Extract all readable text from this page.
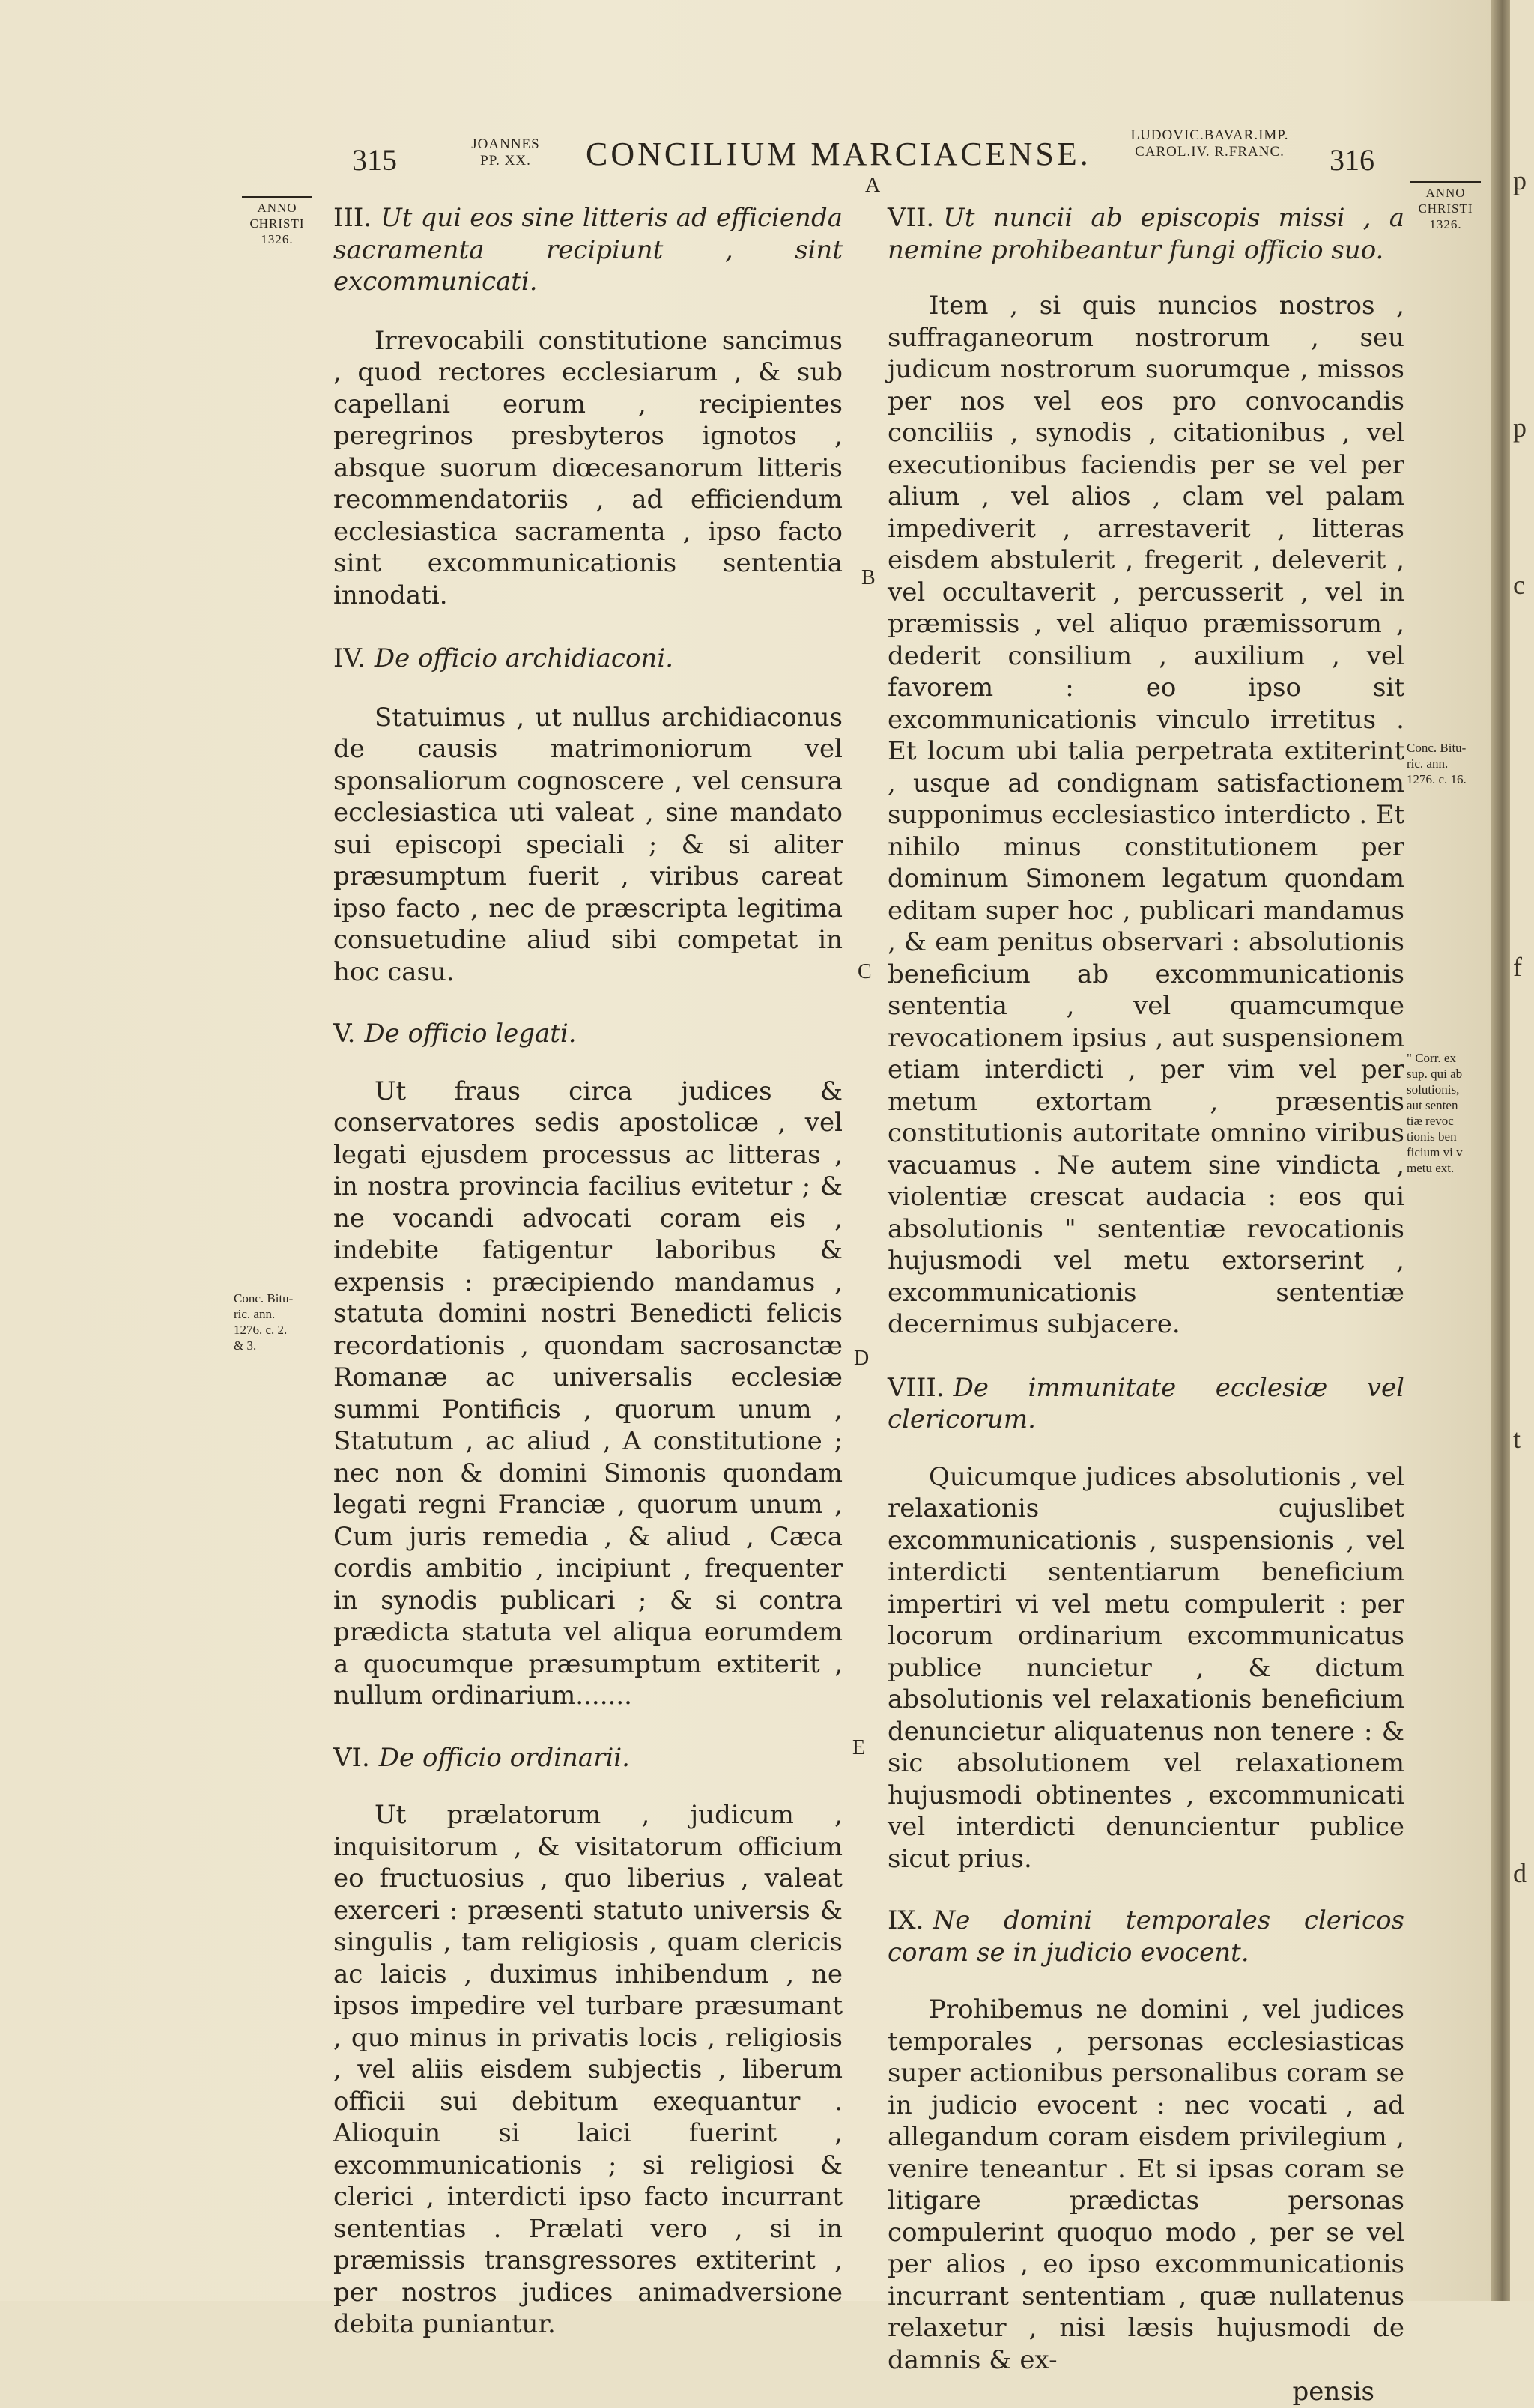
315	JOANNES
PP. XX.	CONCILIUM MARCIACENSE.
LUDOVIC.BAVAR.IMP.
CAROL.IV. R.FRANC.	316
ANNO
CHRISTI
1326.
ANNO
CHRISTI
1326.
A
B
C
D
E

III. Ut qui eos sine litteris ad efficienda sacramenta recipiunt , sint excommunicati.

Irrevocabili constitutione sancimus , quod rectores ecclesiarum , & sub capellani eorum , recipientes peregrinos presbyteros ignotos , absque suorum diœcesanorum litteris recommendatoriis , ad efficiendum ecclesiastica sacramenta , ipso facto sint excommunicationis sententia innodati.

IV. De officio archidiaconi.

Statuimus , ut nullus archidiaconus de causis matrimoniorum vel sponsaliorum cognoscere , vel censura ecclesiastica uti valeat , sine mandato sui episcopi speciali ; & si aliter præsumptum fuerit , viribus careat ipso facto , nec de præscripta legitima consuetudine aliud sibi competat in hoc casu.

V. De officio legati.

Ut fraus circa judices & conservatores sedis apostolicæ , vel legati ejusdem processus ac litteras , in nostra provincia facilius evitetur ; & ne vocandi advocati coram eis , indebite fatigentur laboribus & expensis : præcipiendo mandamus , statuta domini nostri Benedicti felicis recordationis , quondam sacrosanctæ Romanæ ac universalis ecclesiæ summi Pontificis , quorum unum , Statutum , ac aliud , A constitutione ; nec non & domini Simonis quondam legati regni Franciæ , quorum unum , Cum juris remedia , & aliud , Cæca cordis ambitio , incipiunt , frequenter in synodis publicari ; & si contra prædicta statuta vel aliqua eorumdem a quocumque præsumptum extiterit , nullum ordinarium.......

VI. De officio ordinarii.

Ut prælatorum , judicum , inquisitorum , & visitatorum officium eo fructuosius , quo liberius , valeat exerceri : præsenti statuto universis & singulis , tam religiosis , quam clericis ac laicis , duximus inhibendum , ne ipsos impedire vel turbare præsumant , quo minus in privatis locis , religiosis , vel aliis eisdem subjectis , liberum officii sui debitum exequantur . Alioquin si laici fuerint , excommunicationis ; si religiosi & clerici , interdicti ipso facto incurrant sententias . Prælati vero , si in præmissis transgressores extiterint , per nostros judices animadversione debita puniantur.

VII. Ut nuncii ab episcopis missi , a nemine prohibeantur fungi officio suo.

Item , si quis nuncios nostros , suffraganeorum nostrorum , seu judicum nostrorum suorumque , missos per nos vel eos pro convocandis conciliis , synodis , citationibus , vel executionibus faciendis per se vel per alium , vel alios , clam vel palam impediverit , arrestaverit , litteras eisdem abstulerit , fregerit , deleverit , vel occultaverit , percusserit , vel in præmissis , vel aliquo præmissorum , dederit consilium , auxilium , vel favorem : eo ipso sit excommunicationis vinculo irretitus . Et locum ubi talia perpetrata extiterint , usque ad condignam satisfactionem supponimus ecclesiastico interdicto . Et nihilo minus constitutionem per dominum Simonem legatum quondam editam super hoc , publicari mandamus , & eam penitus observari : absolutionis beneficium ab excommunicationis sententia , vel quamcumque revocationem ipsius , aut suspensionem etiam interdicti , per vim vel per metum extortam , præsentis constitutionis autoritate omnino viribus vacuamus . Ne autem sine vindicta , violentiæ crescat audacia : eos qui absolutionis " sententiæ revocationis hujusmodi vel metu extorserint , excommunicationis sententiæ decernimus subjacere.

VIII. De immunitate ecclesiæ vel clericorum.

Quicumque judices absolutionis , vel relaxationis cujuslibet excommunicationis , suspensionis , vel interdicti sententiarum beneficium impertiri vi vel metu compulerit : per locorum ordinarium excommunicatus publice nuncietur , & dictum absolutionis vel relaxationis beneficium denuncietur aliquatenus non tenere : & sic absolutionem vel relaxationem hujusmodi obtinentes , excommunicati vel interdicti denuncientur publice sicut prius.

IX. Ne domini temporales clericos coram se in judicio evocent.

Prohibemus ne domini , vel judices temporales , personas ecclesiasticas super actionibus personalibus coram se in judicio evocent : nec vocati , ad allegandum coram eisdem privilegium , venire teneantur . Et si ipsas coram se litigare prædictas personas compulerint quoquo modo , per se vel per alios , eo ipso excommunicationis incurrant sententiam , quæ nullatenus relaxetur , nisi læsis hujusmodi de damnis & ex-

pensis

Conc. Bitu-
ric. ann.
1276. c. 2.
& 3.
Conc. Bitu-
ric. ann.
1276. c. 16.
" Corr. ex
sup. qui ab
solutionis,
aut senten
tiæ revoc
tionis ben
ficium vi v
metu ext.
p
p
c
f
t
d
